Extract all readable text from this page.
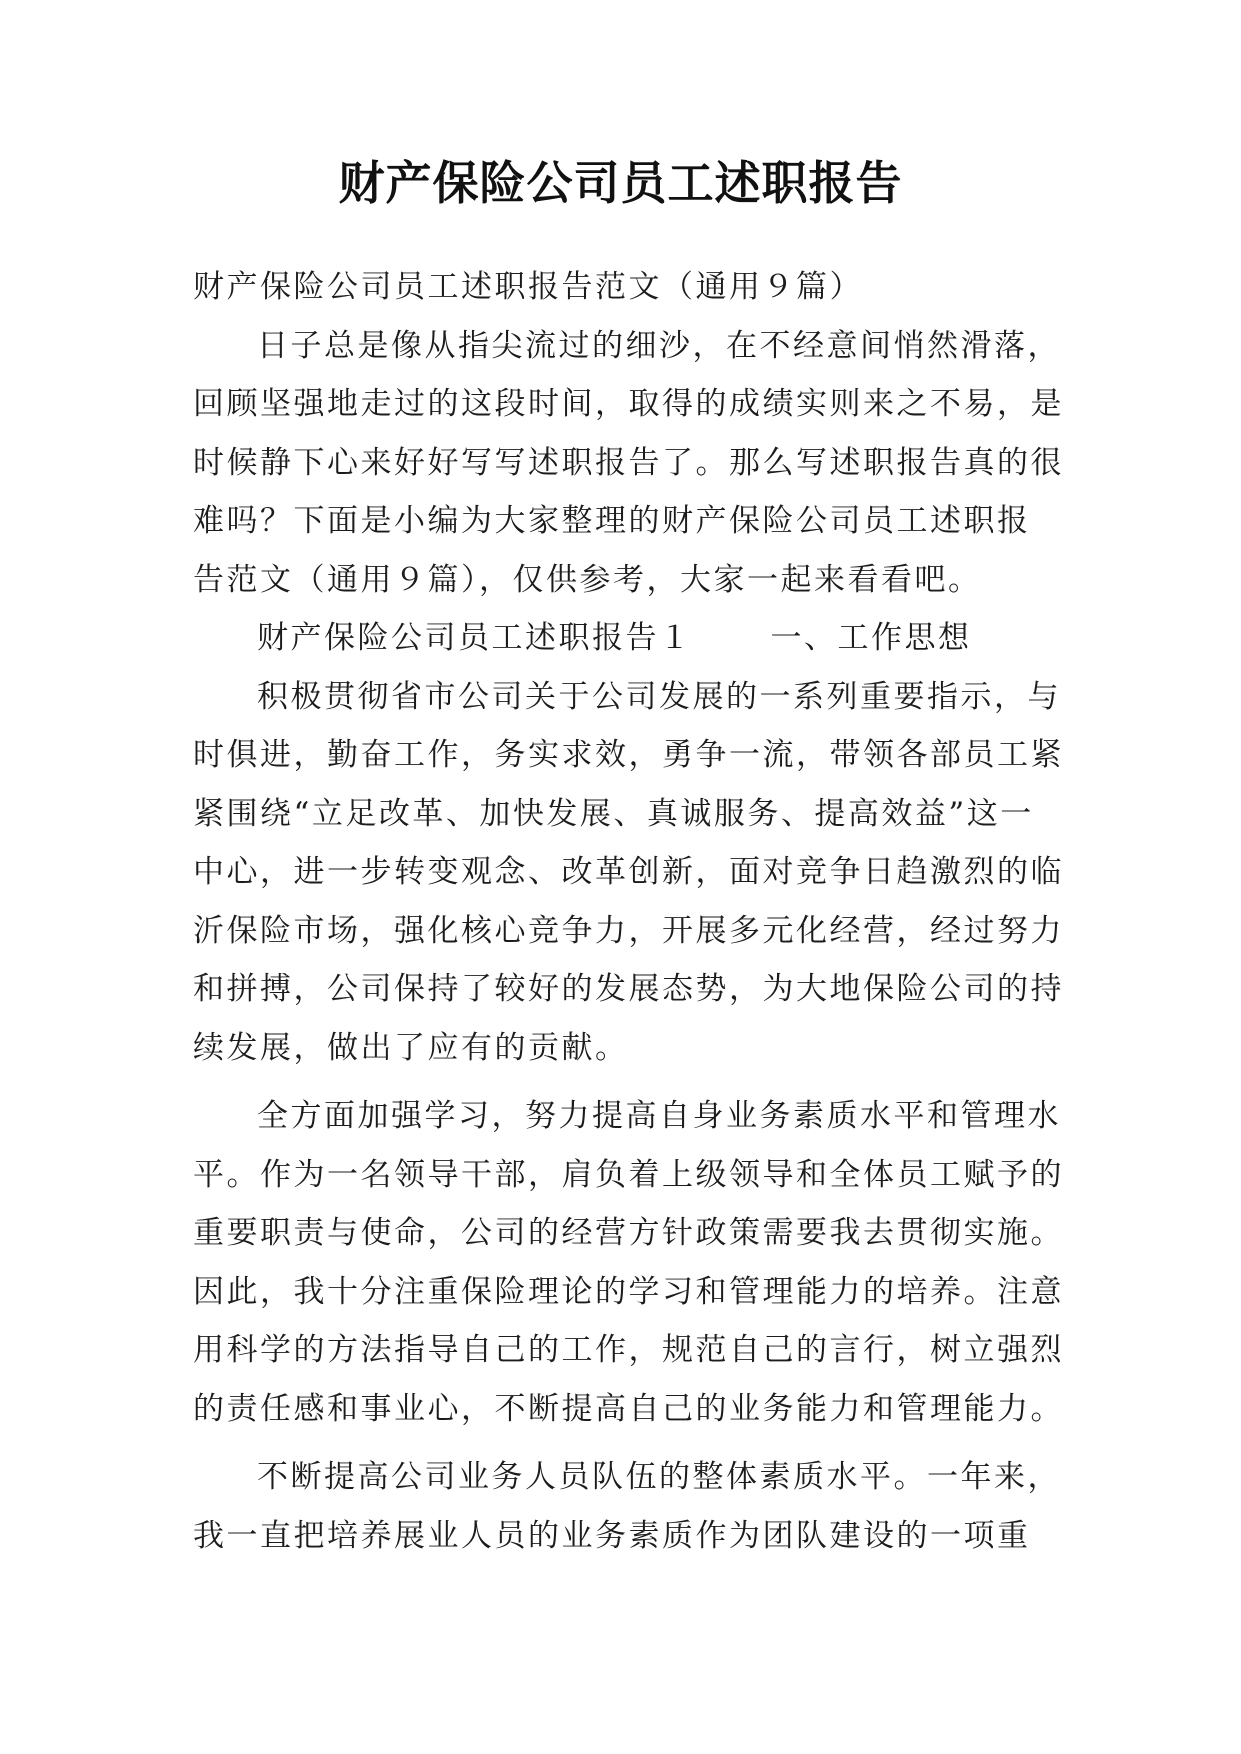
财产保险公司员工述职报告
财产保险公司员工述职报告范文（通用９篇）
日子总是像从指尖流过的细沙，在不经意间悄然滑落，
回顾坚强地走过的这段时间，取得的成绩实则来之不易，是
时候静下心来好好写写述职报告了。那么写述职报告真的很
难吗？下面是小编为大家整理的财产保险公司员工述职报
告范文（通用９篇），仅供参考，大家一起来看看吧。
财产保险公司员工述职报告１	一、工作思想
积极贯彻省市公司关于公司发展的一系列重要指示，与
时俱进，勤奋工作，务实求效，勇争一流，带领各部员工紧
紧围绕“立足改革、加快发展、真诚服务、提高效益”这一
中心，进一步转变观念、改革创新，面对竞争日趋激烈的临
沂保险市场，强化核心竞争力，开展多元化经营，经过努力
和拼搏，公司保持了较好的发展态势，为大地保险公司的持
续发展，做出了应有的贡献。
全方面加强学习，努力提高自身业务素质水平和管理水
平。作为一名领导干部，肩负着上级领导和全体员工赋予的
重要职责与使命，公司的经营方针政策需要我去贯彻实施。
因此，我十分注重保险理论的学习和管理能力的培养。注意
用科学的方法指导自己的工作，规范自己的言行，树立强烈
的责任感和事业心，不断提高自己的业务能力和管理能力。
不断提高公司业务人员队伍的整体素质水平。一年来，
我一直把培养展业人员的业务素质作为团队建设的一项重
